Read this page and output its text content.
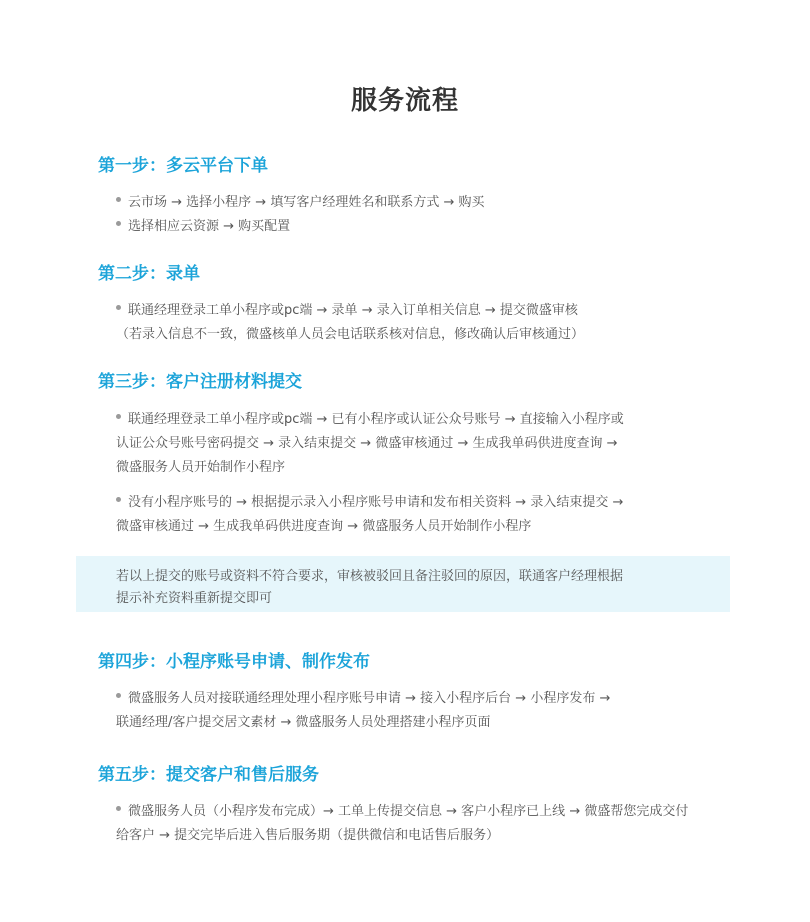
服务流程
第一步：多云平台下单
云市场 → 选择小程序 → 填写客户经理姓名和联系方式 → 购买
选择相应云资源 → 购买配置
第二步：录单
联通经理登录工单小程序或pc端 → 录单 → 录入订单相关信息 → 提交微盛审核
（若录入信息不一致，微盛核单人员会电话联系核对信息，修改确认后审核通过）
第三步：客户注册材料提交
联通经理登录工单小程序或pc端 → 已有小程序或认证公众号账号 → 直接输入小程序或
认证公众号账号密码提交 → 录入结束提交 → 微盛审核通过 → 生成我单码供进度查询 →
微盛服务人员开始制作小程序
没有小程序账号的 → 根据提示录入小程序账号申请和发布相关资料 → 录入结束提交 →
微盛审核通过 → 生成我单码供进度查询 → 微盛服务人员开始制作小程序
若以上提交的账号或资料不符合要求，审核被驳回且备注驳回的原因，联通客户经理根据
提示补充资料重新提交即可
第四步：小程序账号申请、制作发布
微盛服务人员对接联通经理处理小程序账号申请 → 接入小程序后台 → 小程序发布 →
联通经理/客户提交居文素材 → 微盛服务人员处理搭建小程序页面
第五步：提交客户和售后服务
微盛服务人员（小程序发布完成）→ 工单上传提交信息 → 客户小程序已上线 → 微盛帮您完成交付
给客户 → 提交完毕后进入售后服务期（提供微信和电话售后服务）
